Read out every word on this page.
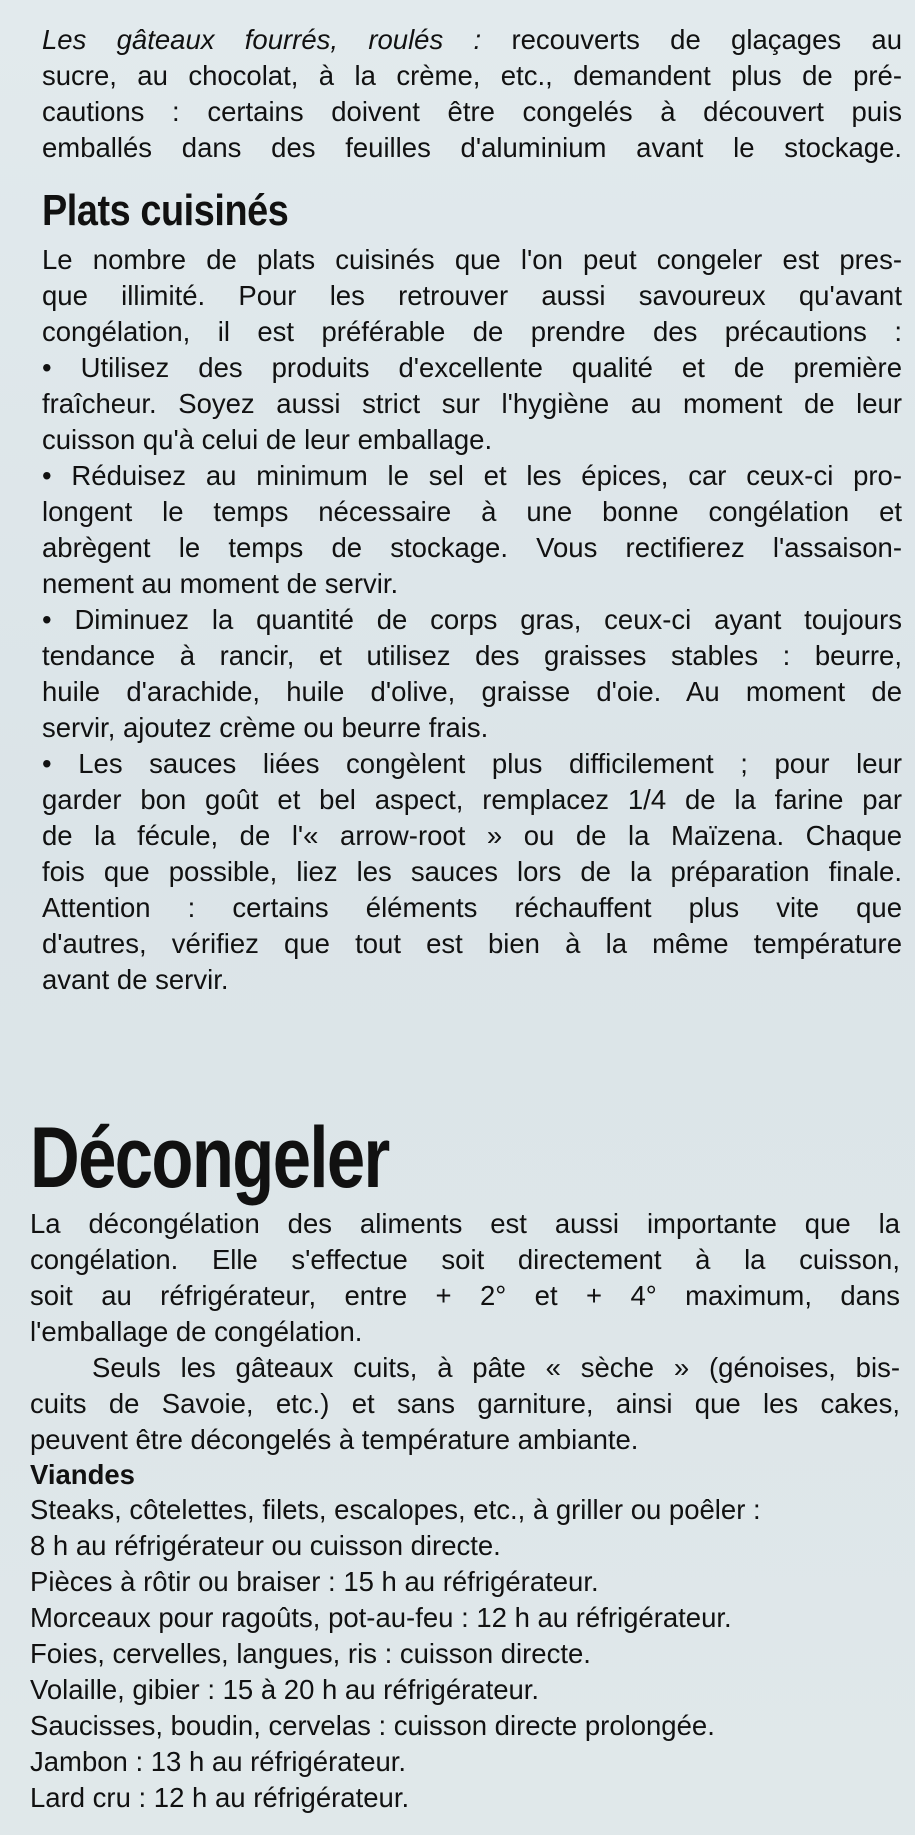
Les gâteaux fourrés, roulés : recouverts de glaçages au

sucre, au chocolat, à la crème, etc., demandent plus de pré-

cautions : certains doivent être congelés à découvert puis

emballés dans des feuilles d'aluminium avant le stockage.

Plats cuisinés

Le nombre de plats cuisinés que l'on peut congeler est pres-

que illimité. Pour les retrouver aussi savoureux qu'avant

congélation, il est préférable de prendre des précautions :

• Utilisez des produits d'excellente qualité et de première

fraîcheur. Soyez aussi strict sur l'hygiène au moment de leur

cuisson qu'à celui de leur emballage.

• Réduisez au minimum le sel et les épices, car ceux-ci pro-

longent le temps nécessaire à une bonne congélation et

abrègent le temps de stockage. Vous rectifierez l'assaison-

nement au moment de servir.

• Diminuez la quantité de corps gras, ceux-ci ayant toujours

tendance à rancir, et utilisez des graisses stables : beurre,

huile d'arachide, huile d'olive, graisse d'oie. Au moment de

servir, ajoutez crème ou beurre frais.

• Les sauces liées congèlent plus difficilement ; pour leur

garder bon goût et bel aspect, remplacez 1/4 de la farine par

de la fécule, de l'« arrow-root » ou de la Maïzena. Chaque

fois que possible, liez les sauces lors de la préparation finale.

Attention : certains éléments réchauffent plus vite que

d'autres, vérifiez que tout est bien à la même température

avant de servir.

Décongeler

La décongélation des aliments est aussi importante que la

congélation. Elle s'effectue soit directement à la cuisson,

soit au réfrigérateur, entre + 2° et + 4° maximum, dans

l'emballage de congélation.

Seuls les gâteaux cuits, à pâte « sèche » (génoises, bis-

cuits de Savoie, etc.) et sans garniture, ainsi que les cakes,

peuvent être décongelés à température ambiante.

Viandes

Steaks, côtelettes, filets, escalopes, etc., à griller ou poêler :

8 h au réfrigérateur ou cuisson directe.

Pièces à rôtir ou braiser : 15 h au réfrigérateur.

Morceaux pour ragoûts, pot-au-feu : 12 h au réfrigérateur.

Foies, cervelles, langues, ris : cuisson directe.

Volaille, gibier : 15 à 20 h au réfrigérateur.

Saucisses, boudin, cervelas : cuisson directe prolongée.

Jambon : 13 h au réfrigérateur.

Lard cru : 12 h au réfrigérateur.
